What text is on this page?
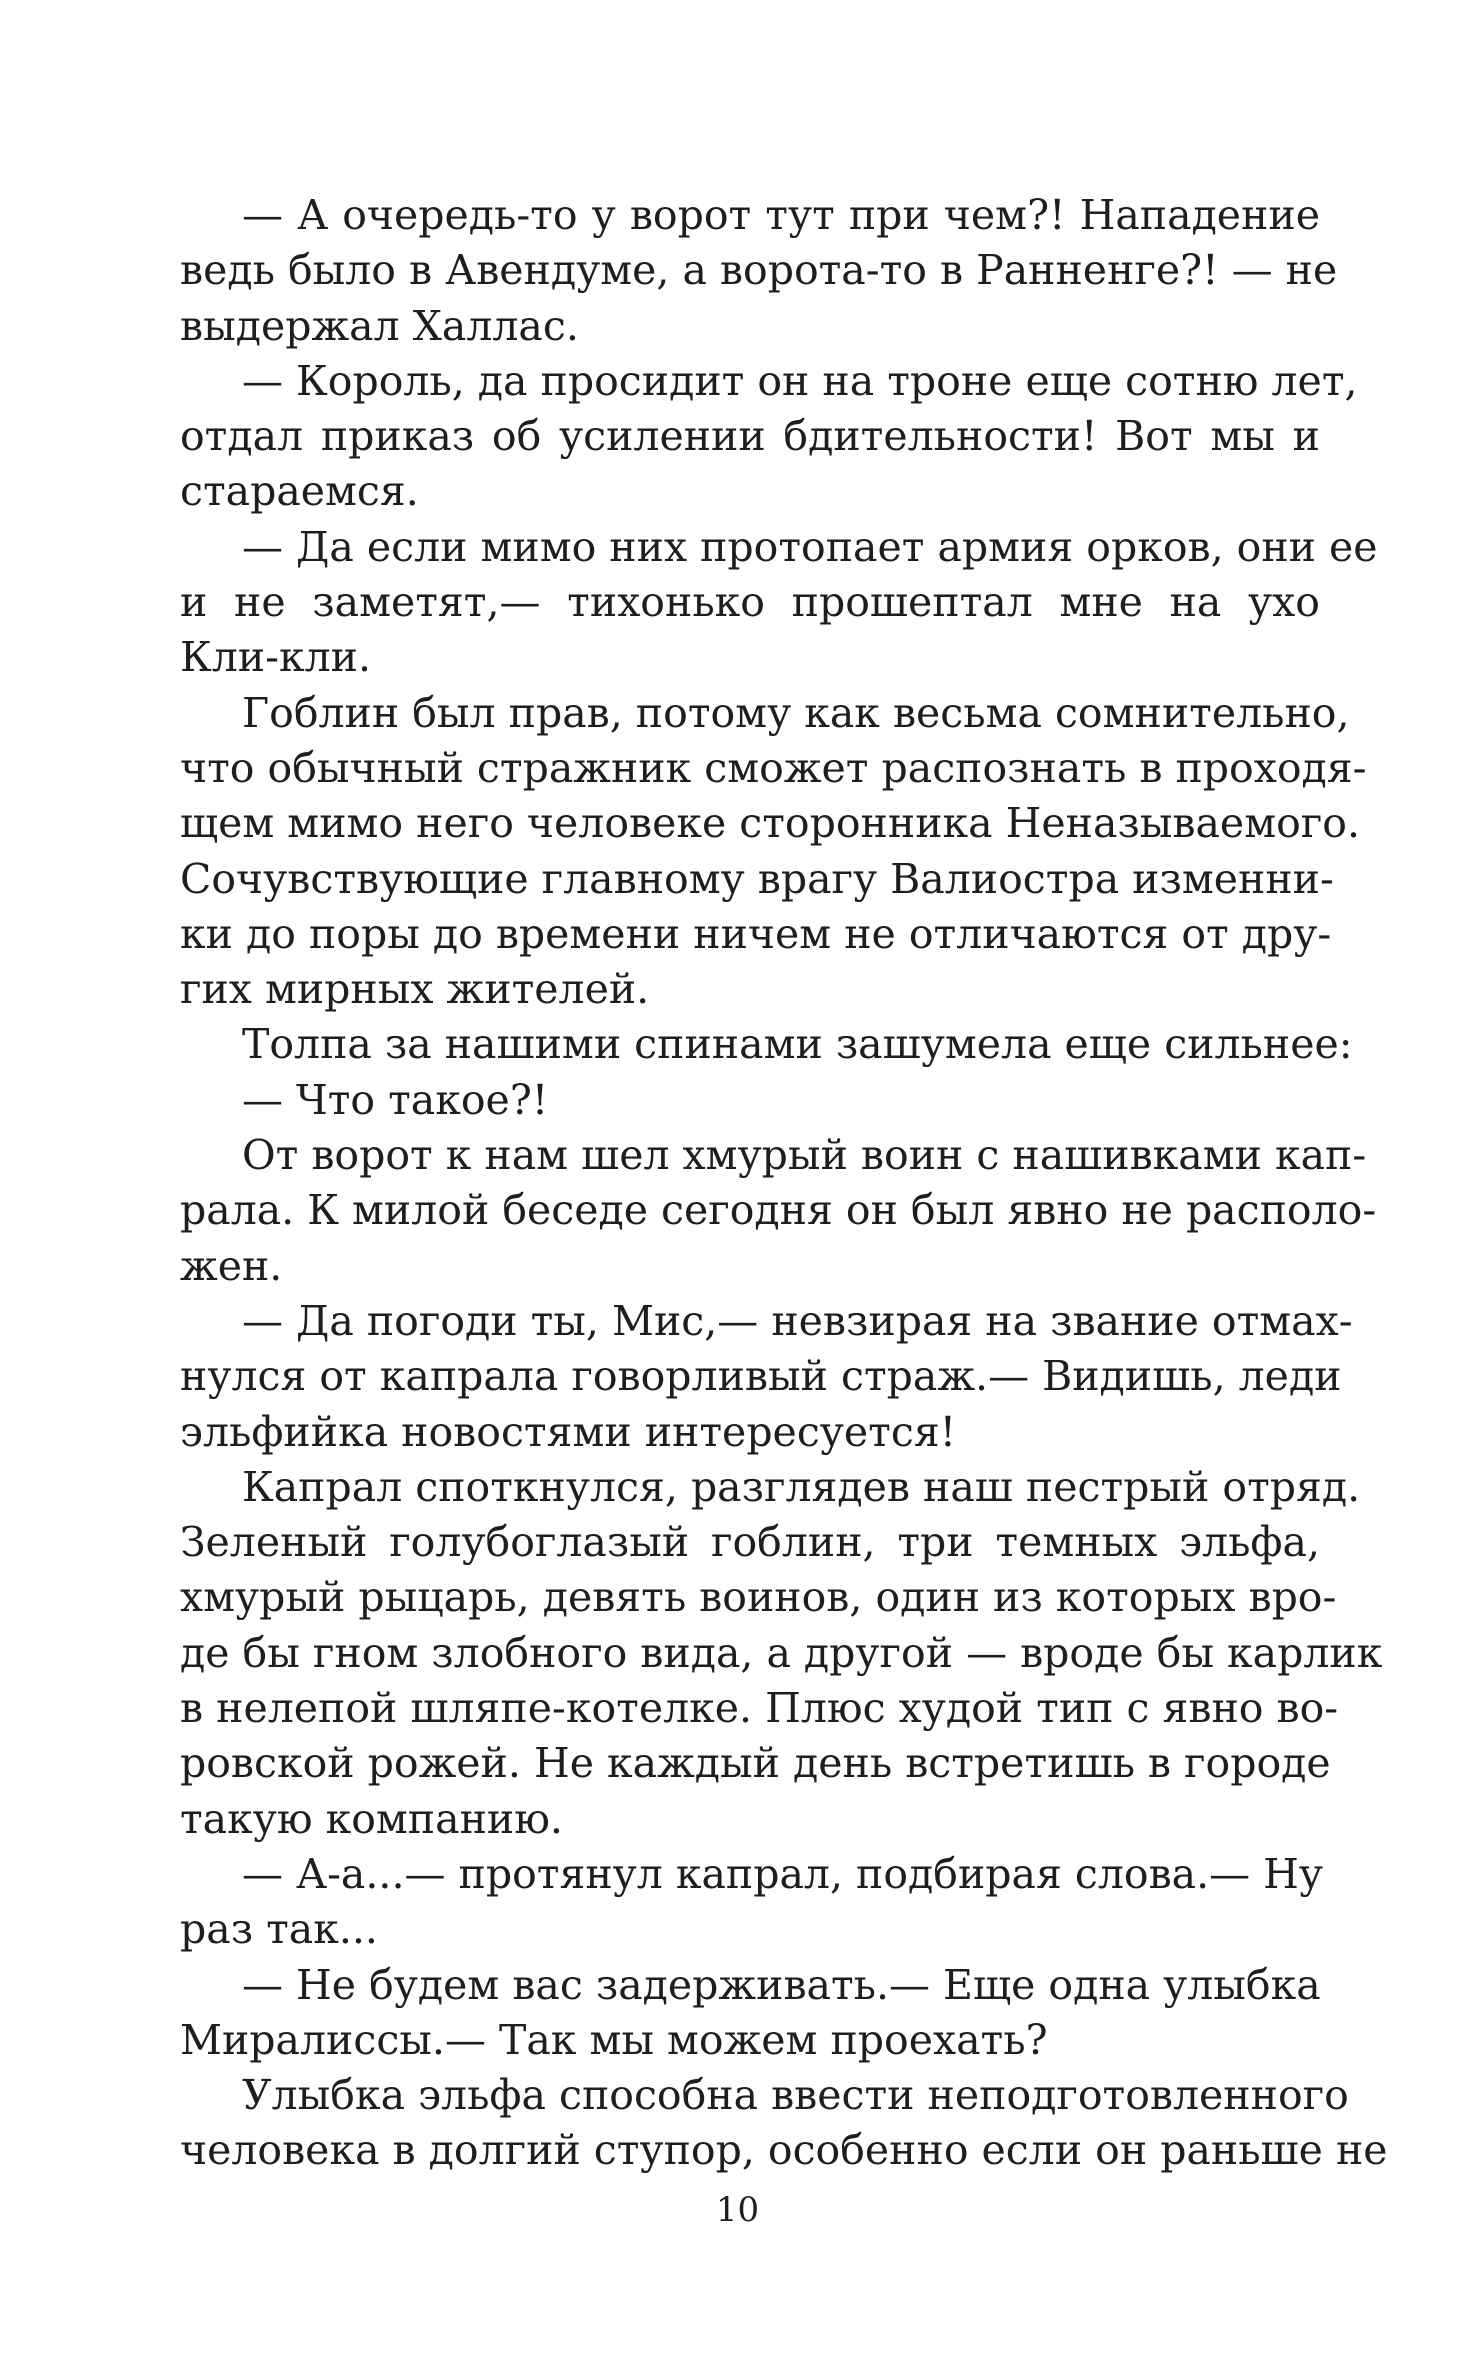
— А очередь-то у ворот тут при чем?! Нападение
ведь было в Авендуме, а ворота-то в Ранненге?! — не
выдержал Халлас.
— Король, да просидит он на троне еще сотню лет,
отдал приказ об усилении бдительности! Вот мы и
стараемся.
— Да если мимо них протопает армия орков, они ее
и не заметят,— тихонько прошептал мне на ухо
Кли-кли.
Гоблин был прав, потому как весьма сомнительно,
что обычный стражник сможет распознать в проходя-
щем мимо него человеке сторонника Неназываемого.
Сочувствующие главному врагу Валиостра изменни-
ки до поры до времени ничем не отличаются от дру-
гих мирных жителей.
Толпа за нашими спинами зашумела еще сильнее:
— Что такое?!
От ворот к нам шел хмурый воин с нашивками кап-
рала. К милой беседе сегодня он был явно не располо-
жен.
— Да погоди ты, Мис,— невзирая на звание отмах-
нулся от капрала говорливый страж.— Видишь, леди
эльфийка новостями интересуется!
Капрал споткнулся, разглядев наш пестрый отряд.
Зеленый голубоглазый гоблин, три темных эльфа,
хмурый рыцарь, девять воинов, один из которых вро-
де бы гном злобного вида, а другой — вроде бы карлик
в нелепой шляпе-котелке. Плюс худой тип с явно во-
ровской рожей. Не каждый день встретишь в городе
такую компанию.
— А-а...— протянул капрал, подбирая слова.— Ну
раз так...
— Не будем вас задерживать.— Еще одна улыбка
Миралиссы.— Так мы можем проехать?
Улыбка эльфа способна ввести неподготовленного
человека в долгий ступор, особенно если он раньше не
10
